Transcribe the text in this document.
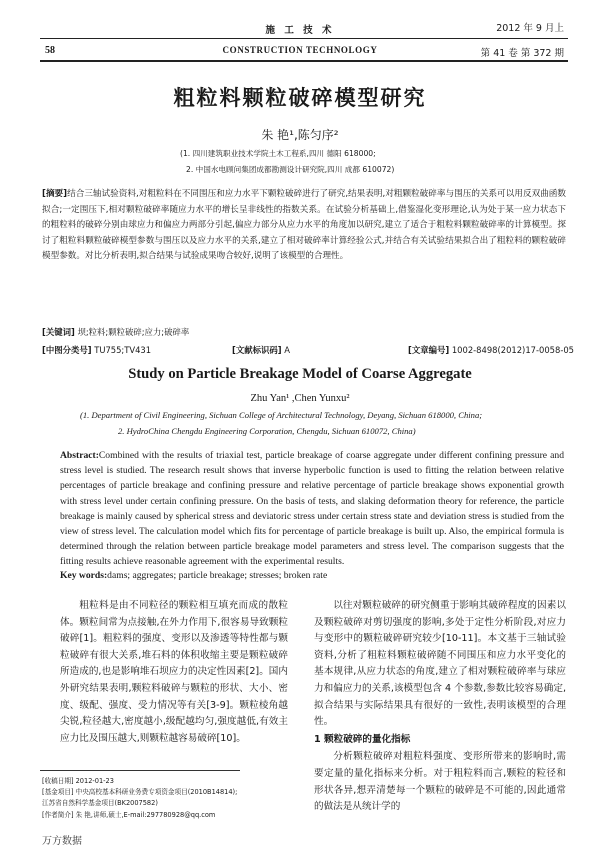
施 工 技 术
CONSTRUCTION TECHNOLOGY
58
2012 年 9 月上
第 41 卷 第 372 期
粗粒料颗粒破碎模型研究
朱 艳¹,陈匀序²
(1. 四川建筑职业技术学院土木工程系,四川 德阳 618000;
2. 中国水电顾问集团成都勘测设计研究院,四川 成都 610072)
[摘要]结合三轴试验资料,对粗粒料在不同围压和应力水平下颗粒破碎进行了研究,结果表明,对粗颗粒破碎率与围压的关系可以用反双曲函数拟合;一定围压下,相对颗粒破碎率随应力水平的增长呈非线性的指数关系。在试验分析基础上,借鉴湿化变形理论,认为处于某一应力状态下的粗粒料的破碎分别由球应力和偏应力两部分引起,偏应力部分从应力水平的角度加以研究,建立了适合于粗粒料颗粒破碎率的计算模型。探讨了粗粒料颗粒破碎模型参数与围压以及应力水平的关系,建立了相对破碎率计算经验公式,并结合有关试验结果拟合出了粗粒料的颗粒破碎模型参数。对比分析表明,拟合结果与试验成果吻合较好,说明了该模型的合理性。
[关键词] 坝;粒料;颗粒破碎;应力;破碎率
[中图分类号] TU755;TV431	[文献标识码] A	[文章编号] 1002-8498(2012)17-0058-05
Study on Particle Breakage Model of Coarse Aggregate
Zhu Yan¹ ,Chen Yunxu²
(1. Department of Civil Engineering, Sichuan College of Architectural Technology, Deyang, Sichuan 618000, China;
2. HydroChina Chengdu Engineering Corporation, Chengdu, Sichuan 610072, China)
Abstract:Combined with the results of triaxial test, particle breakage of coarse aggregate under different confining pressure and stress level is studied. The research result shows that inverse hyperbolic function is used to fitting the relation between relative percentages of particle breakage and confining pressure and relative percentage of particle breakage shows exponential growth with stress level under certain confining pressure. On the basis of tests, and slaking deformation theory for reference, the particle breakage is mainly caused by spherical stress and deviatoric stress under certain stress state and deviation stress is studied from the view of stress level. The calculation model which fits for percentage of particle breakage is built up. Also, the empirical formula is determined through the relation between particle breakage model parameters and stress level. The comparison suggests that the fitting results achieve reasonable agreement with the experimental results.
Key words:dams; aggregates; particle breakage; stresses; broken rate

粗粒料是由不同粒径的颗粒相互填充而成的散粒体。颗粒间常为点接触,在外力作用下,很容易导致颗粒破碎[1]。粗粒料的强度、变形以及渗透等特性都与颗粒破碎有很大关系,堆石料的体积收缩主要是颗粒破碎所造成的,也是影响堆石坝应力的决定性因素[2]。国内外研究结果表明,颗粒料破碎与颗粒的形状、大小、密度、级配、强度、受力情况等有关[3-9]。颗粒棱角越尖锐,粒径越大,密度越小,级配越均匀,强度越低,有效主应力比及围压越大,则颗粒越容易破碎[10]。

以往对颗粒破碎的研究侧重于影响其破碎程度的因素以及颗粒破碎对剪切强度的影响,多处于定性分析阶段,对应力与变形中的颗粒破碎研究较少[10-11]。本文基于三轴试验资料,分析了粗粒料颗粒破碎随不同围压和应力水平变化的基本规律,从应力状态的角度,建立了相对颗粒破碎率与球应力和偏应力的关系,该模型包含 4 个参数,参数比较容易确定,拟合结果与实际结果具有很好的一致性,表明该模型的合理性。

1 颗粒破碎的量化指标

分析颗粒破碎对粗粒料强度、变形所带来的影响时,需要定量的量化指标来分析。对于粗粒料而言,颗粒的粒径和形状各异,想弄清楚每一个颗粒的破碎是不可能的,因此通常的做法是从统计学的

[收稿日期] 2012-01-23
[基金项目] 中央高校基本科研业务费专项资金项目(2010B14814);
江苏省自然科学基金项目(BK2007582)
[作者简介] 朱 艳,讲师,硕士,E-mail:297780928@qq.com
万方数据
